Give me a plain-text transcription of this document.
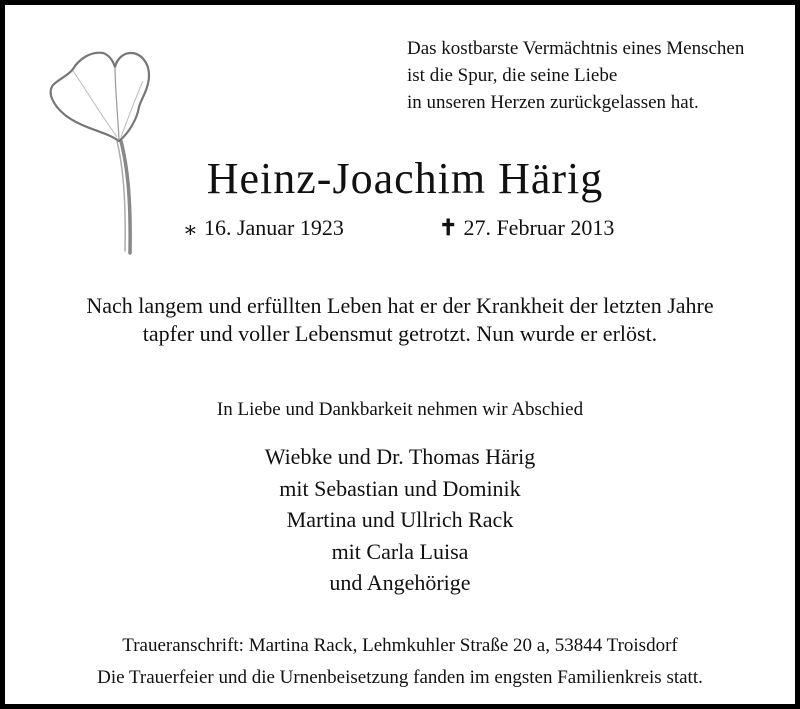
Das kostbarste Vermächtnis eines Menschen
ist die Spur, die seine Liebe
in unseren Herzen zurückgelassen hat.
Heinz-Joachim Härig
∗ 16. Januar 1923	✝ 27. Februar 2013
Nach langem und erfüllten Leben hat er der Krankheit der letzten Jahre
tapfer und voller Lebensmut getrotzt. Nun wurde er erlöst.
In Liebe und Dankbarkeit nehmen wir Abschied
Wiebke und Dr. Thomas Härig
mit Sebastian und Dominik
Martina und Ullrich Rack
mit Carla Luisa
und Angehörige
Traueranschrift: Martina Rack, Lehmkuhler Straße 20 a, 53844 Troisdorf
Die Trauerfeier und die Urnenbeisetzung fanden im engsten Familienkreis statt.
